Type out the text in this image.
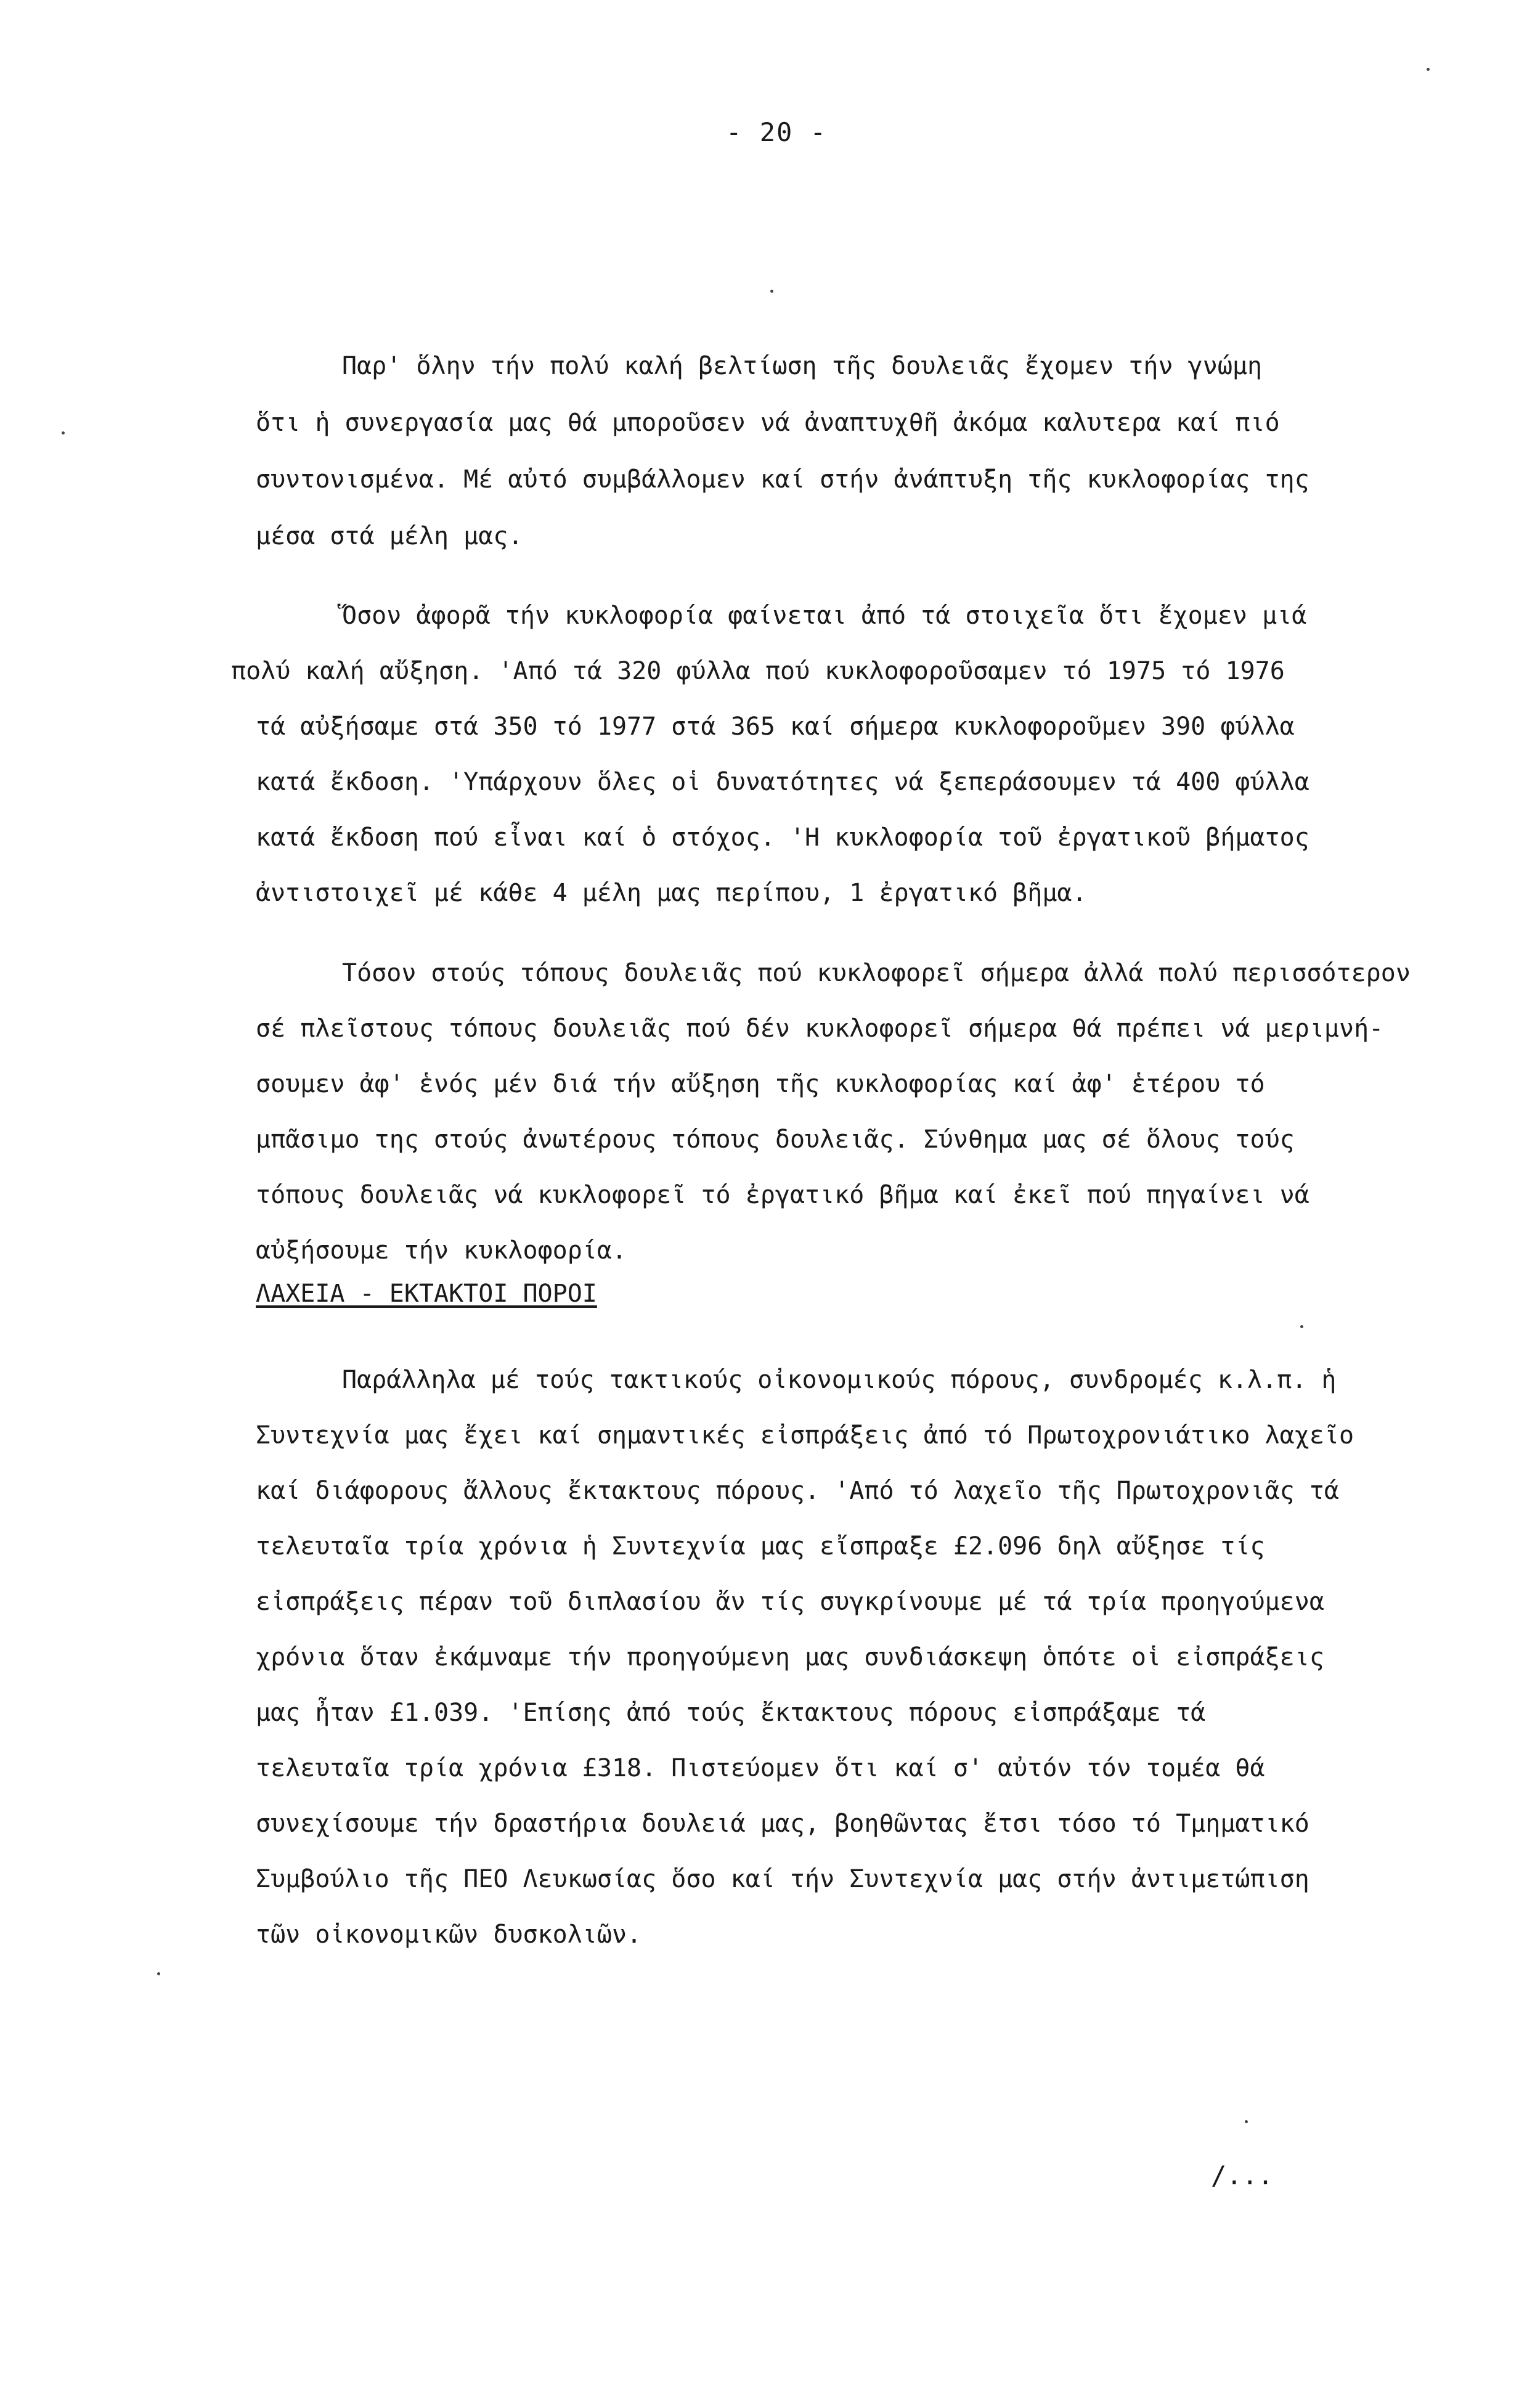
- 20 -
Παρ' ὅλην τήν πολύ καλή βελτίωση τῆς δουλειᾶς ἔχομεν τήν γνώμη
ὅτι ἡ συνεργασία μας θά μποροῦσεν νά ἀναπτυχθῆ ἀκόμα καλυτερα καί πιό
συντονισμένα. Μέ αὐτό συμβάλλομεν καί στήν ἀνάπτυξη τῆς κυκλοφορίας της
μέσα στά μέλη μας.
Ὅσον ἀφορᾶ τήν κυκλοφορία φαίνεται ἀπό τά στοιχεῖα ὅτι ἔχομεν μιά
πολύ καλή αὔξηση. 'Από τά 320 φύλλα πού κυκλοφοροῦσαμεν τό 1975 τό 1976
τά αὐξήσαμε στά 350 τό 1977 στά 365 καί σήμερα κυκλοφοροῦμεν 390 φύλλα
κατά ἔκδοση. 'Υπάρχουν ὅλες οἱ δυνατότητες νά ξεπεράσουμεν τά 400 φύλλα
κατά ἔκδοση πού εἶναι καί ὁ στόχος. 'Η κυκλοφορία τοῦ ἐργατικοῦ βήματος
ἀντιστοιχεῖ μέ κάθε 4 μέλη μας περίπου, 1 ἐργατικό βῆμα.
Τόσον στούς τόπους δουλειᾶς πού κυκλοφορεῖ σήμερα ἀλλά πολύ περισσότερον
σέ πλεῖστους τόπους δουλειᾶς πού δέν κυκλοφορεῖ σήμερα θά πρέπει νά μεριμνή-
σουμεν ἀφ' ἑνός μέν διά τήν αὔξηση τῆς κυκλοφορίας καί ἀφ' ἑτέρου τό
μπᾶσιμο της στούς ἀνωτέρους τόπους δουλειᾶς. Σύνθημα μας σέ ὅλους τούς
τόπους δουλειᾶς νά κυκλοφορεῖ τό ἐργατικό βῆμα καί ἐκεῖ πού πηγαίνει νά
αὐξήσουμε τήν κυκλοφορία.
ΛΑΧΕΙΑ - ΕΚΤΑΚΤΟΙ ΠΟΡΟΙ
Παράλληλα μέ τούς τακτικούς οἰκονομικούς πόρους, συνδρομές κ.λ.π. ἡ
Συντεχνία μας ἔχει καί σημαντικές εἰσπράξεις ἀπό τό Πρωτοχρονιάτικο λαχεῖο
καί διάφορους ἄλλους ἔκτακτους πόρους. 'Από τό λαχεῖο τῆς Πρωτοχρονιᾶς τά
τελευταῖα τρία χρόνια ἡ Συντεχνία μας εἴσπραξε £2.096 δηλ αὔξησε τίς
εἰσπράξεις πέραν τοῦ διπλασίου ἄν τίς συγκρίνουμε μέ τά τρία προηγούμενα
χρόνια ὅταν ἐκάμναμε τήν προηγούμενη μας συνδιάσκεψη ὁπότε οἱ εἰσπράξεις
μας ἦταν £1.039. 'Επίσης ἀπό τούς ἔκτακτους πόρους εἰσπράξαμε τά
τελευταῖα τρία χρόνια £318. Πιστεύομεν ὅτι καί σ' αὐτόν τόν τομέα θά
συνεχίσουμε τήν δραστήρια δουλειά μας, βοηθῶντας ἔτσι τόσο τό Τμηματικό
Συμβούλιο τῆς ΠΕΟ Λευκωσίας ὅσο καί τήν Συντεχνία μας στήν ἀντιμετώπιση
τῶν οἰκονομικῶν δυσκολιῶν.
/...
